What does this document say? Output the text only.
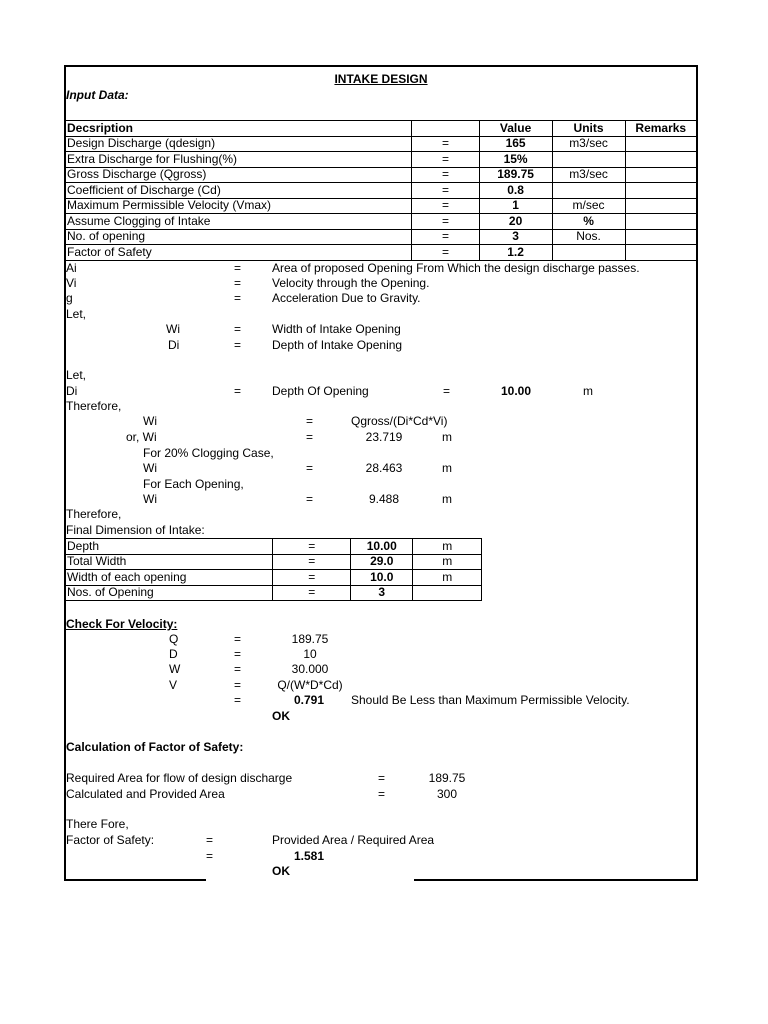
INTAKE DESIGN
Input Data:
Decsription		Value	Units	Remarks
Design Discharge (qdesign)	=	165	m3/sec	
Extra Discharge for Flushing(%)	=	15%		
Gross Discharge (Qgross)	=	189.75	m3/sec	
Coefficient of Discharge (Cd)	=	0.8		
Maximum Permissible Velocity (Vmax)	=	1	m/sec	
Assume Clogging of Intake	=	20	%	
No. of opening	=	3	Nos.	
Factor of Safety	=	1.2		
Ai	=	Area of proposed Opening From Which the design discharge passes.
Vi	=	Velocity through the Opening.
g	=	Acceleration Due to Gravity.
Let,
Wi	=	Width of Intake Opening
Di	=	Depth of Intake Opening
Let,
Di	=	Depth Of Opening	=	10.00	m
Therefore,
Wi	=	Qgross/(Di*Cd*Vi)
or, Wi	=	23.719	m
For 20% Clogging Case,
Wi	=	28.463	m
For Each Opening,
Wi	=	9.488	m
Therefore,
Final Dimension of Intake:
Depth	=	10.00	m
Total Width	=	29.0	m
Width of each opening	=	10.0	m
Nos. of Opening	=	3	
Check For Velocity:
Q	=	189.75
D	=	10
W	=	30.000
V	=	Q/(W*D*Cd)
=	0.791 Should Be Less than Maximum Permissible Velocity.
OK
Calculation of Factor of Safety:
Required Area for flow of design discharge	=	189.75
Calculated and Provided Area	=	300
There Fore,
Factor of Safety:	=	Provided Area / Required Area
=	1.581
OK
